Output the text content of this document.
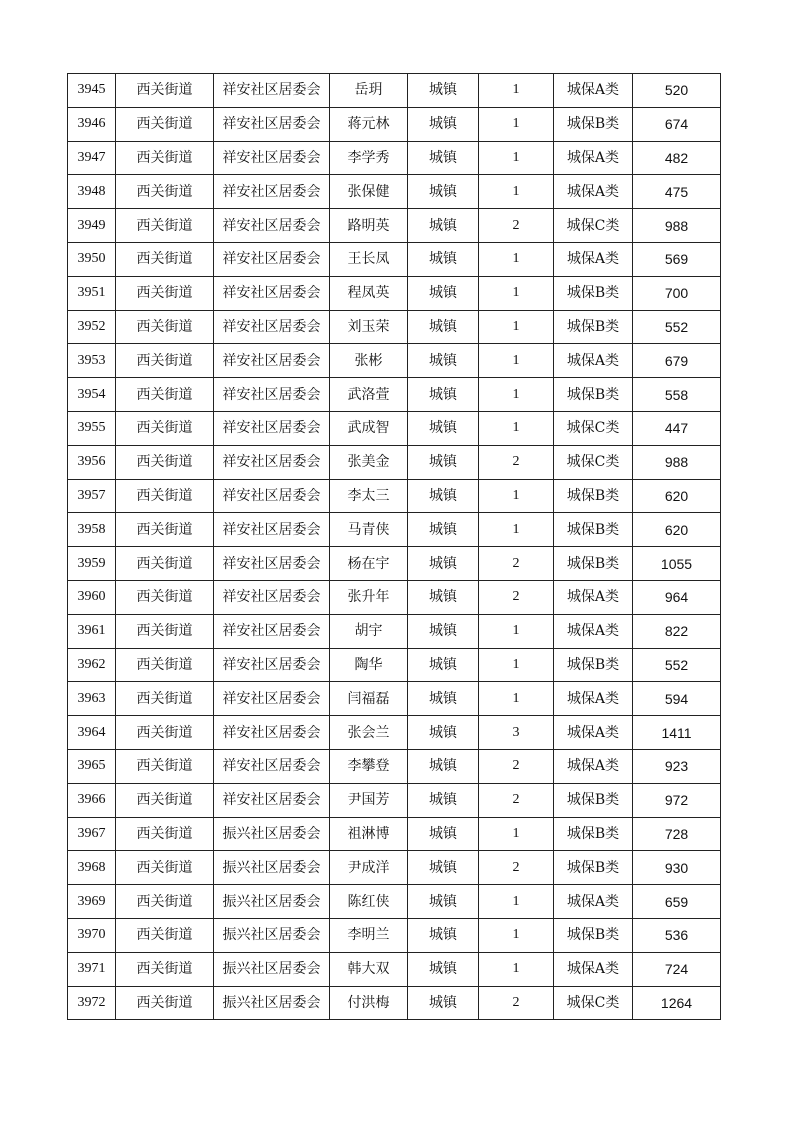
3945	西关街道	祥安社区居委会	岳玥	城镇	1	城保A类	520
3946	西关街道	祥安社区居委会	蒋元林	城镇	1	城保B类	674
3947	西关街道	祥安社区居委会	李学秀	城镇	1	城保A类	482
3948	西关街道	祥安社区居委会	张保健	城镇	1	城保A类	475
3949	西关街道	祥安社区居委会	路明英	城镇	2	城保C类	988
3950	西关街道	祥安社区居委会	王长凤	城镇	1	城保A类	569
3951	西关街道	祥安社区居委会	程凤英	城镇	1	城保B类	700
3952	西关街道	祥安社区居委会	刘玉荣	城镇	1	城保B类	552
3953	西关街道	祥安社区居委会	张彬	城镇	1	城保A类	679
3954	西关街道	祥安社区居委会	武洛萱	城镇	1	城保B类	558
3955	西关街道	祥安社区居委会	武成智	城镇	1	城保C类	447
3956	西关街道	祥安社区居委会	张美金	城镇	2	城保C类	988
3957	西关街道	祥安社区居委会	李太三	城镇	1	城保B类	620
3958	西关街道	祥安社区居委会	马青侠	城镇	1	城保B类	620
3959	西关街道	祥安社区居委会	杨在宇	城镇	2	城保B类	1055
3960	西关街道	祥安社区居委会	张升年	城镇	2	城保A类	964
3961	西关街道	祥安社区居委会	胡宇	城镇	1	城保A类	822
3962	西关街道	祥安社区居委会	陶华	城镇	1	城保B类	552
3963	西关街道	祥安社区居委会	闫福磊	城镇	1	城保A类	594
3964	西关街道	祥安社区居委会	张会兰	城镇	3	城保A类	1411
3965	西关街道	祥安社区居委会	李攀登	城镇	2	城保A类	923
3966	西关街道	祥安社区居委会	尹国芳	城镇	2	城保B类	972
3967	西关街道	振兴社区居委会	祖淋博	城镇	1	城保B类	728
3968	西关街道	振兴社区居委会	尹成洋	城镇	2	城保B类	930
3969	西关街道	振兴社区居委会	陈红侠	城镇	1	城保A类	659
3970	西关街道	振兴社区居委会	李明兰	城镇	1	城保B类	536
3971	西关街道	振兴社区居委会	韩大双	城镇	1	城保A类	724
3972	西关街道	振兴社区居委会	付洪梅	城镇	2	城保C类	1264
